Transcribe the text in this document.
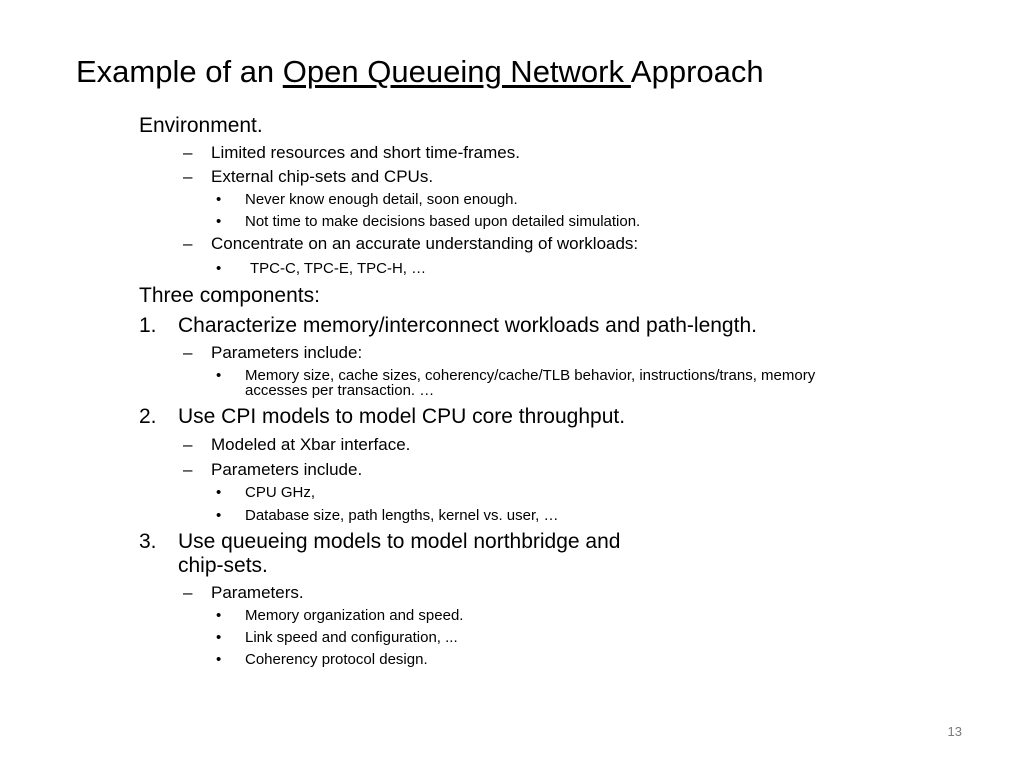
Example of an Open Queueing Network Approach
Environment.
– Limited resources and short time-frames.
– External chip-sets and CPUs.
• Never know enough detail, soon enough.
• Not time to make decisions based upon detailed simulation.
– Concentrate on an accurate understanding of workloads:
• TPC-C, TPC-E, TPC-H, …
Three components:
1. Characterize memory/interconnect workloads and path-length.
– Parameters include:
• Memory size, cache sizes, coherency/cache/TLB behavior, instructions/trans, memory
accesses per transaction. …
2. Use CPI models to model CPU core throughput.
– Modeled at Xbar interface.
– Parameters include.
• CPU GHz,
• Database size, path lengths, kernel vs. user, …
3. Use queueing models to model northbridge and
chip-sets.
– Parameters.
• Memory organization and speed.
• Link speed and configuration, ...
• Coherency protocol design.
13
